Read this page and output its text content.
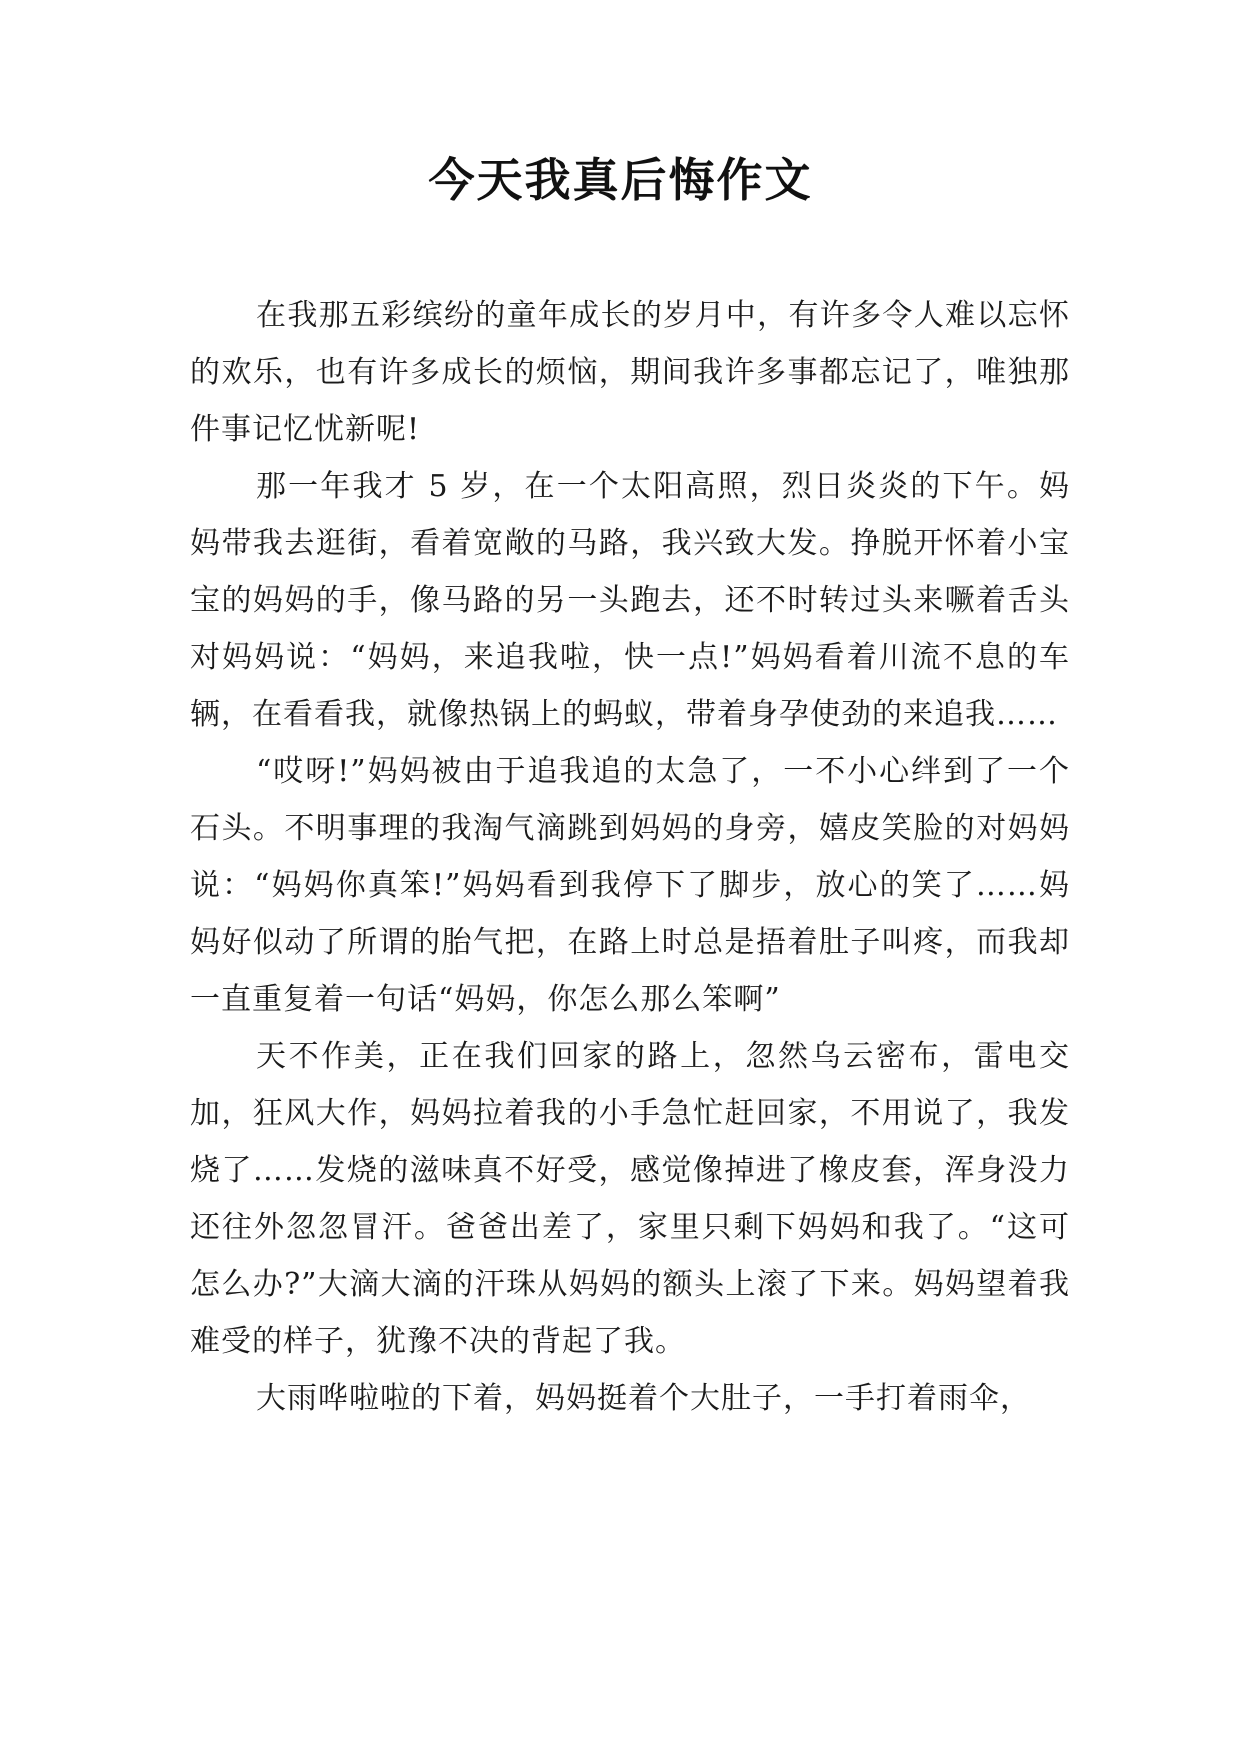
今天我真后悔作文

在我那五彩缤纷的童年成长的岁月中，有许多令人难以忘怀的欢乐，也有许多成长的烦恼，期间我许多事都忘记了，唯独那件事记忆忧新呢!

那一年我才 5 岁，在一个太阳高照，烈日炎炎的下午。妈妈带我去逛街，看着宽敞的马路，我兴致大发。挣脱开怀着小宝宝的妈妈的手，像马路的另一头跑去，还不时转过头来噘着舌头对妈妈说：“妈妈，来追我啦，快一点!”妈妈看着川流不息的车辆，在看看我，就像热锅上的蚂蚁，带着身孕使劲的来追我……

“哎呀!”妈妈被由于追我追的太急了，一不小心绊到了一个石头。不明事理的我淘气滴跳到妈妈的身旁，嬉皮笑脸的对妈妈说：“妈妈你真笨!”妈妈看到我停下了脚步，放心的笑了……妈妈好似动了所谓的胎气把，在路上时总是捂着肚子叫疼，而我却一直重复着一句话“妈妈，你怎么那么笨啊”

天不作美，正在我们回家的路上，忽然乌云密布，雷电交加，狂风大作，妈妈拉着我的小手急忙赶回家，不用说了，我发烧了……发烧的滋味真不好受，感觉像掉进了橡皮套，浑身没力还往外忽忽冒汗。爸爸出差了，家里只剩下妈妈和我了。“这可怎么办?”大滴大滴的汗珠从妈妈的额头上滚了下来。妈妈望着我难受的样子，犹豫不决的背起了我。

大雨哗啦啦的下着，妈妈挺着个大肚子，一手打着雨伞，
